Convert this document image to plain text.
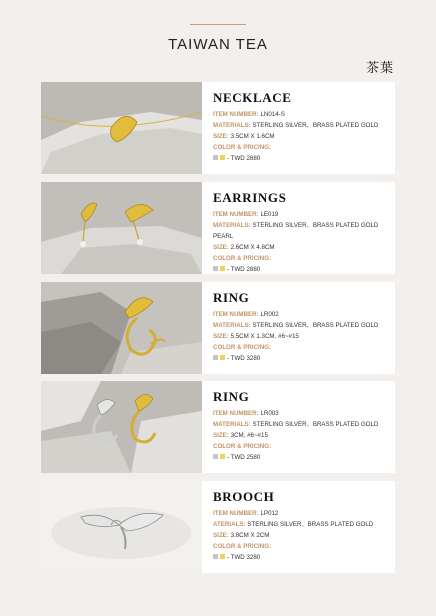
TAIWAN TEA
茶葉
NECKLACE
ITEM NUMBER: LN014-S
MATERIALS: STERLING SILVER、BRASS PLATED GOLD
SIZE: 3.5CM X 1.6CM
COLOR & PRICING:
- TWD 2880
EARRINGS
ITEM NUMBER: LE019
MATERIALS: STERLING SILVER、BRASS PLATED GOLD
PEARL
SIZE: 2.6CM X 4.8CM
COLOR & PRICING:
- TWD 2880
RING
ITEM NUMBER: LR002
MATERIALS: STERLING SILVER、BRASS PLATED GOLD
SIZE: 5.5CM X 1.3CM, #6~#15
COLOR & PRICING:
- TWD 3280
RING
ITEM NUMBER: LR003
MATERIALS: STERLING SILVER、BRASS PLATED GOLD
SIZE: 3CM, #6~#15
COLOR & PRICING:
- TWD 2580
BROOCH
ITEM NUMBER: LP012
ATERIALS: STERLING SILVER、BRASS PLATED GOLD
SIZE: 3.8CM X 2CM
COLOR & PRICING:
- TWD 3280
